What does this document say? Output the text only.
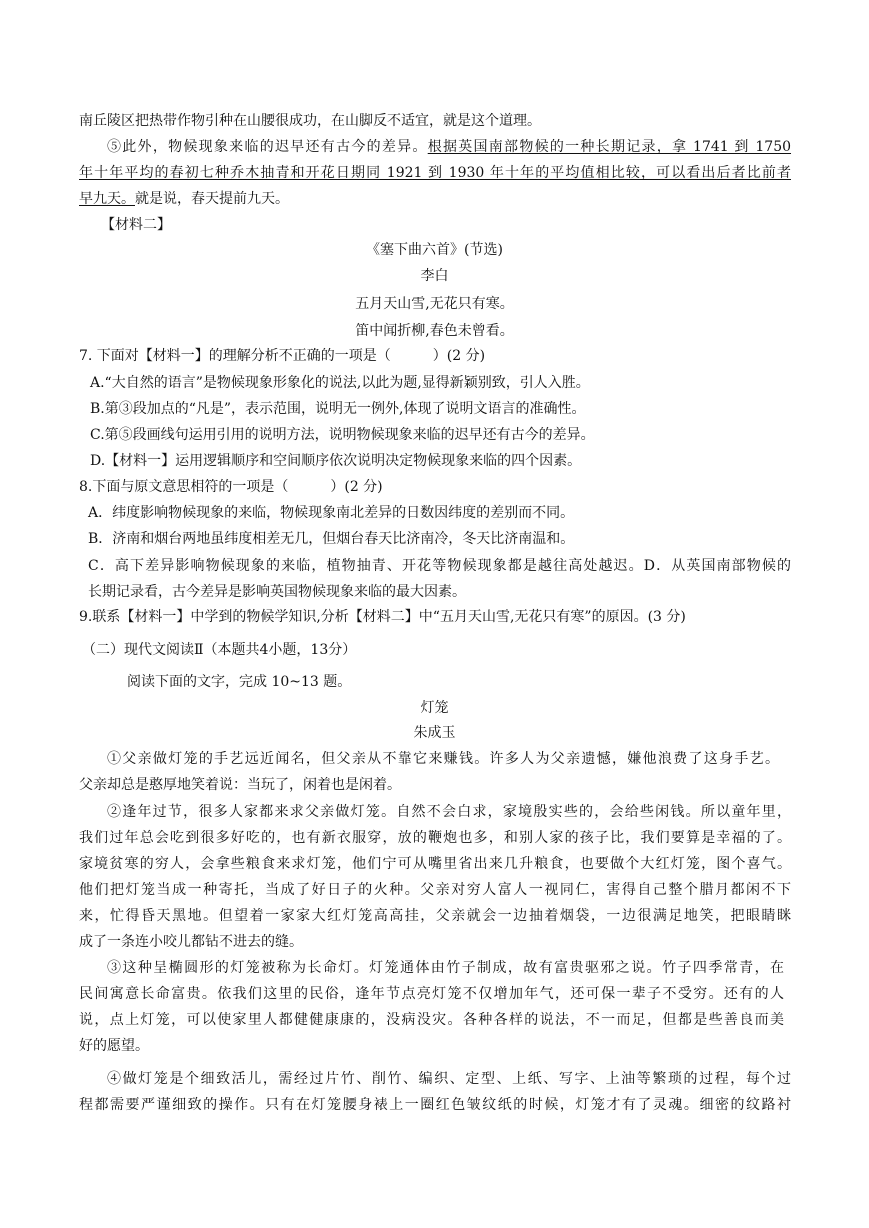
南丘陵区把热带作物引种在山腰很成功，在山脚反不适宜，就是这个道理。
⑤此外，物候现象来临的迟早还有古今的差异。根据英国南部物候的一种长期记录，拿 1741 到 1750
年十年平均的春初七种乔木抽青和开花日期同 1921 到 1930 年十年的平均值相比较，可以看出后者比前者
早九天。就是说，春天提前九天。
【材料二】
《塞下曲六首》(节选)
李白
五月天山雪,无花只有寒。
笛中闻折柳,春色未曾看。
7. 下面对【材料一】的理解分析不正确的一项是（　　　）(2 分)
A.“大自然的语言”是物候现象形象化的说法,以此为题,显得新颖别致，引人入胜。
B.第③段加点的“凡是”，表示范围，说明无一例外,体现了说明文语言的准确性。
C.第⑤段画线句运用引用的说明方法，说明物候现象来临的迟早还有古今的差异。
D.【材料一】运用逻辑顺序和空间顺序依次说明决定物候现象来临的四个因素。
8.下面与原文意思相符的一项是（　　　）(2 分)
A．纬度影响物候现象的来临，物候现象南北差异的日数因纬度的差别而不同。
B．济南和烟台两地虽纬度相差无几，但烟台春天比济南冷，冬天比济南温和。
C．高下差异影响物候现象的来临，植物抽青、开花等物候现象都是越往高处越迟。D．从英国南部物候的
长期记录看，古今差异是影响英国物候现象来临的最大因素。
9.联系【材料一】中学到的物候学知识,分析【材料二】中“五月天山雪,无花只有寒”的原因。(3 分)
（二）现代文阅读Ⅱ（本题共4小题，13分）
阅读下面的文字，完成 10~13 题。
灯笼
朱成玉
①父亲做灯笼的手艺远近闻名，但父亲从不靠它来赚钱。许多人为父亲遗憾，嫌他浪费了这身手艺。
父亲却总是憨厚地笑着说：当玩了，闲着也是闲着。
②逢年过节，很多人家都来求父亲做灯笼。自然不会白求，家境殷实些的，会给些闲钱。所以童年里，
我们过年总会吃到很多好吃的，也有新衣服穿，放的鞭炮也多，和别人家的孩子比，我们要算是幸福的了。
家境贫寒的穷人，会拿些粮食来求灯笼，他们宁可从嘴里省出来几升粮食，也要做个大红灯笼，图个喜气。
他们把灯笼当成一种寄托，当成了好日子的火种。父亲对穷人富人一视同仁，害得自己整个腊月都闲不下
来，忙得昏天黑地。但望着一家家大红灯笼高高挂，父亲就会一边抽着烟袋，一边很满足地笑，把眼睛眯
成了一条连小咬儿都钻不进去的缝。
③这种呈椭圆形的灯笼被称为长命灯。灯笼通体由竹子制成，故有富贵驱邪之说。竹子四季常青，在
民间寓意长命富贵。依我们这里的民俗，逢年节点亮灯笼不仅增加年气，还可保一辈子不受穷。还有的人
说，点上灯笼，可以使家里人都健健康康的，没病没灾。各种各样的说法，不一而足，但都是些善良而美
好的愿望。
④做灯笼是个细致活儿，需经过片竹、削竹、编织、定型、上纸、写字、上油等繁琐的过程，每个过
程都需要严谨细致的操作。只有在灯笼腰身裱上一圈红色皱纹纸的时候，灯笼才有了灵魂。细密的纹路衬
